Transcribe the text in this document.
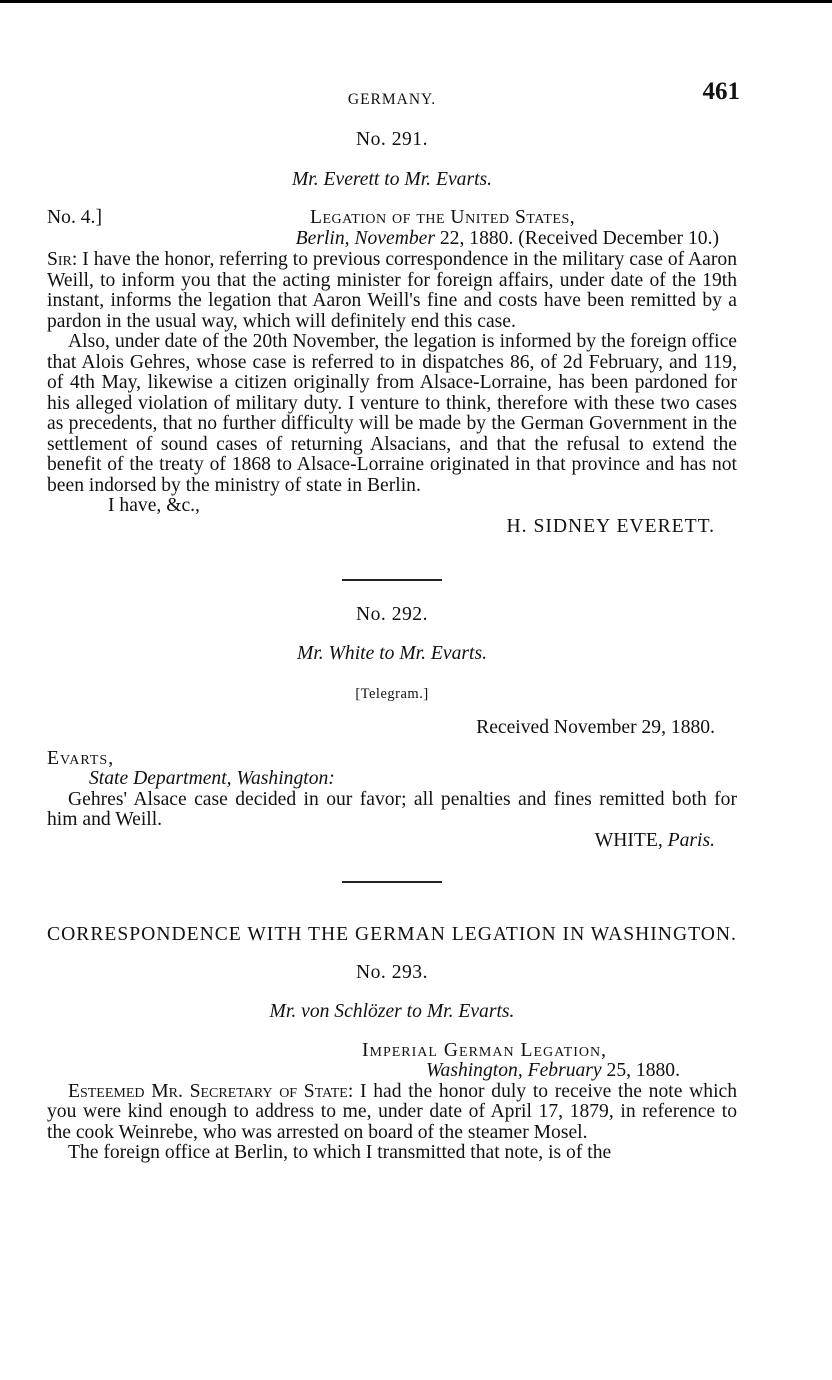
GERMANY.	461
No. 291.
Mr. Everett to Mr. Evarts.
No. 4.]	Legation of the United States,
Berlin, November 22, 1880. (Received December 10.)

Sir: I have the honor, referring to previous correspondence in the military case of Aaron Weill, to inform you that the acting minister for foreign affairs, under date of the 19th instant, informs the legation that Aaron Weill's fine and costs have been remitted by a pardon in the usual way, which will definitely end this case.

Also, under date of the 20th November, the legation is informed by the foreign office that Alois Gehres, whose case is referred to in dispatches 86, of 2d February, and 119, of 4th May, likewise a citizen originally from Alsace-Lorraine, has been pardoned for his alleged violation of military duty. I venture to think, therefore with these two cases as precedents, that no further difficulty will be made by the German Government in the settlement of sound cases of returning Alsacians, and that the refusal to extend the benefit of the treaty of 1868 to Alsace-Lorraine originated in that province and has not been indorsed by the ministry of state in Berlin.

I have, &c.,
H. SIDNEY EVERETT.
No. 292.
Mr. White to Mr. Evarts.
[Telegram.]
Received November 29, 1880.
Evarts,
State Department, Washington:

Gehres' Alsace case decided in our favor; all penalties and fines remitted both for him and Weill.

WHITE, Paris.
CORRESPONDENCE WITH THE GERMAN LEGATION IN WASHINGTON.
No. 293.
Mr. von Schlözer to Mr. Evarts.
Imperial German Legation,
Washington, February 25, 1880.

Esteemed Mr. Secretary of State: I had the honor duly to receive the note which you were kind enough to address to me, under date of April 17, 1879, in reference to the cook Weinrebe, who was arrested on board of the steamer Mosel.

The foreign office at Berlin, to which I transmitted that note, is of the
